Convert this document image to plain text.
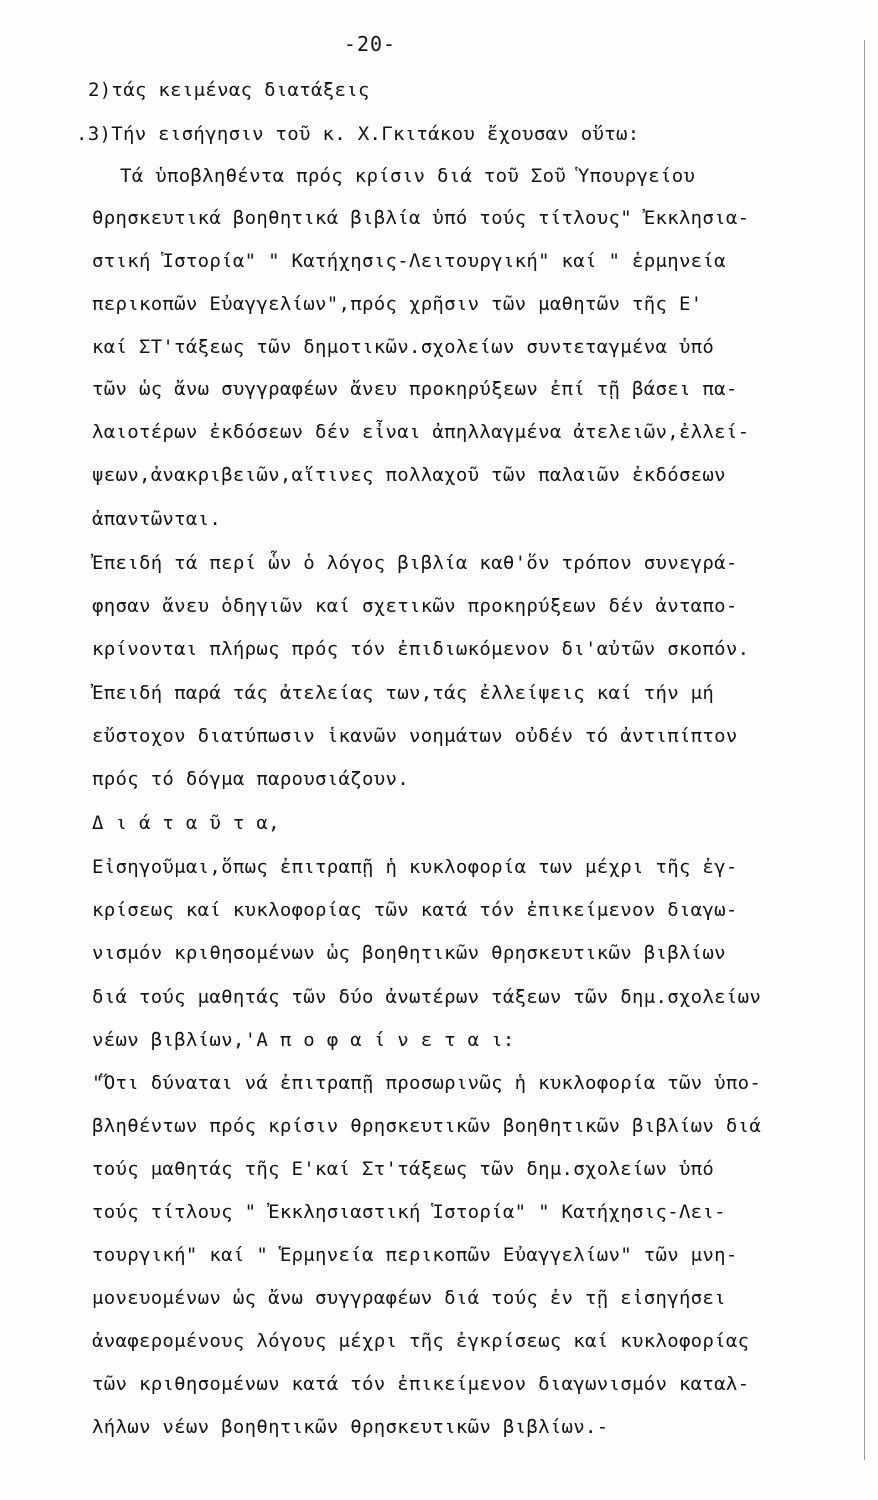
-20-
2)τάς κειμένας διατάξεις
.3)Τήν εισήγησιν τοῦ κ. Χ.Γκιτάκου ἔχουσαν οὕτω:
Τά ὑποβληθέντα πρός κρίσιν διά τοῦ Σοῦ Ὑπουργείου
θρησκευτικά βοηθητικά βιβλία ὑπό τούς τίτλους" Ἐκκλησια-
στική Ἱστορία" " Κατήχησις-Λειτουργική" καί " ἑρμηνεία
περικοπῶν Εὐαγγελίων",πρός χρῆσιν τῶν μαθητῶν τῆς Ε'
καί ΣΤ'τάξεως τῶν δημοτικῶν.σχολείων συντεταγμένα ὑπό
τῶν ὡς ἄνω συγγραφέων ἄνευ προκηρύξεων ἐπί τῇ βάσει πα-
λαιοτέρων ἐκδόσεων δέν εἶναι ἀπηλλαγμένα ἀτελειῶν,ἐλλεί-
ψεων,ἀνακριβειῶν,αἵτινες πολλαχοῦ τῶν παλαιῶν ἐκδόσεων
ἀπαντῶνται.
Ἐπειδή τά περί ὧν ὁ λόγος βιβλία καθ'ὅν τρόπον συνεγρά-
φησαν ἄνευ ὁδηγιῶν καί σχετικῶν προκηρύξεων δέν ἀνταπο-
κρίνονται πλήρως πρός τόν ἐπιδιωκόμενον δι'αὐτῶν σκοπόν.
Ἐπειδή παρά τάς ἀτελείας των,τάς ἐλλείψεις καί τήν μή
εὔστοχον διατύπωσιν ἱκανῶν νοημάτων οὐδέν τό ἀντιπίπτον
πρός τό δόγμα παρουσιάζουν.
Δ ι ά τ α ῦ τ α,
Εἰσηγοῦμαι,ὅπως ἐπιτραπῇ ἡ κυκλοφορία των μέχρι τῆς ἐγ-
κρίσεως καί κυκλοφορίας τῶν κατά τόν ἐπικείμενον διαγω-
νισμόν κριθησομένων ὡς βοηθητικῶν θρησκευτικῶν βιβλίων
διά τούς μαθητάς τῶν δύο ἀνωτέρων τάξεων τῶν δημ.σχολείων
νέων βιβλίων,'Α π ο φ α ί ν ε τ α ι:
"Ὅτι δύναται νά ἐπιτραπῇ προσωρινῶς ἡ κυκλοφορία τῶν ὑπο-
βληθέντων πρός κρίσιν θρησκευτικῶν βοηθητικῶν βιβλίων διά
τούς μαθητάς τῆς Ε'καί Στ'τάξεως τῶν δημ.σχολείων ὑπό
τούς τίτλους " Ἐκκλησιαστική Ἱστορία" " Κατήχησις-Λει-
τουργική" καί " Ἑρμηνεία περικοπῶν Εὐαγγελίων" τῶν μνη-
μονευομένων ὡς ἄνω συγγραφέων διά τούς ἐν τῇ εἰσηγήσει
ἀναφερομένους λόγους μέχρι τῆς ἐγκρίσεως καί κυκλοφορίας
τῶν κριθησομένων κατά τόν ἐπικείμενον διαγωνισμόν καταλ-
λήλων νέων βοηθητικῶν θρησκευτικῶν βιβλίων.-
